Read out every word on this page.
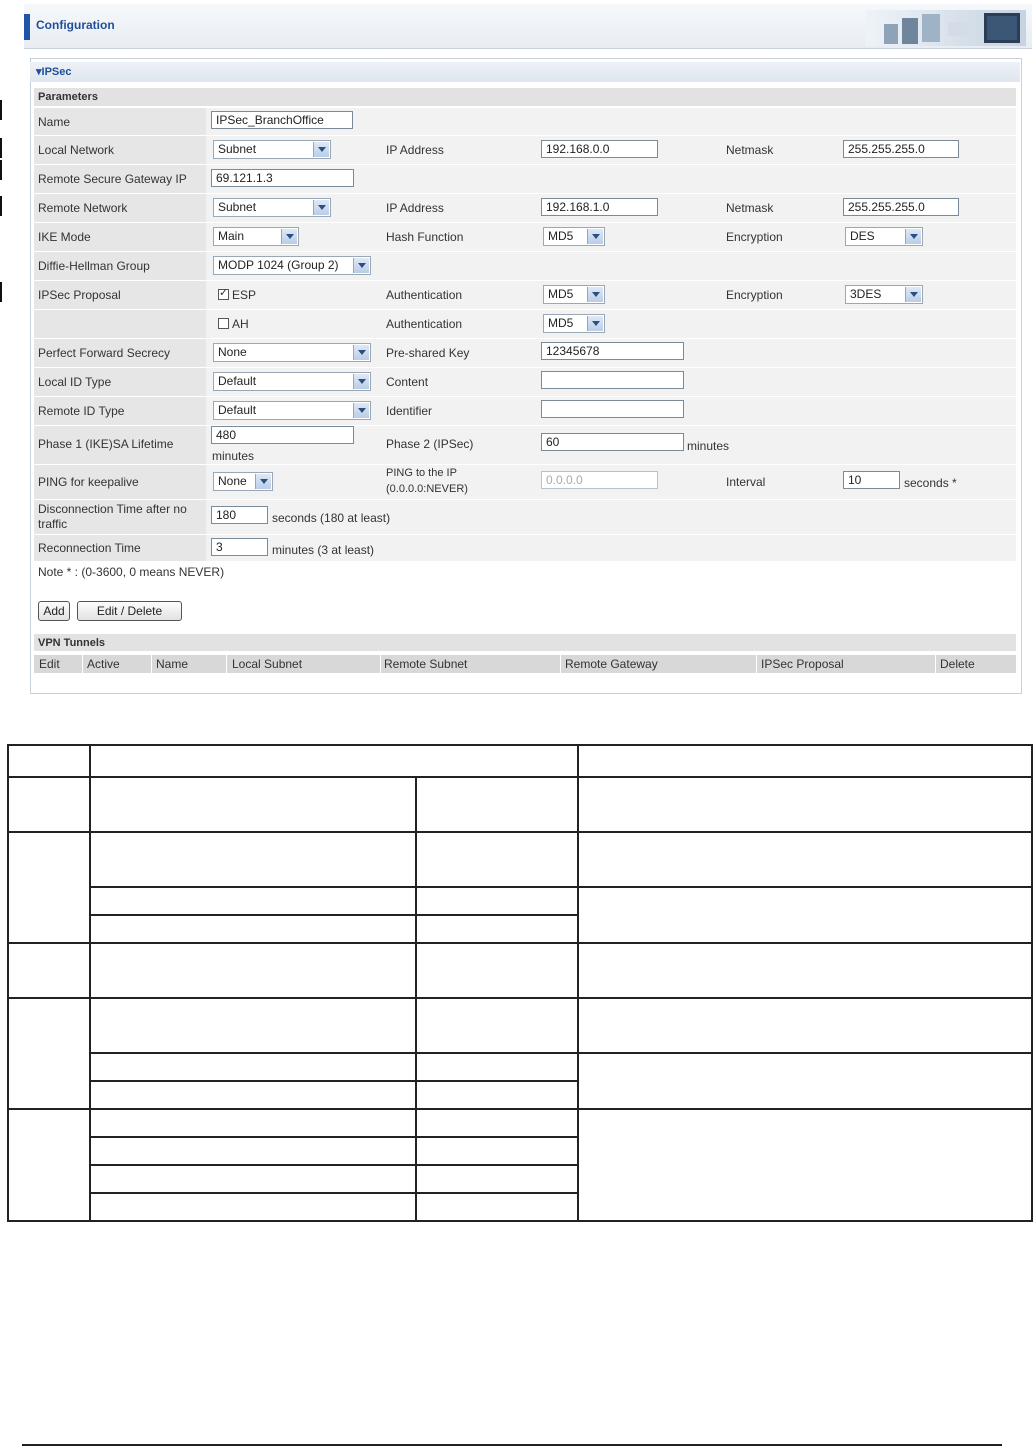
Configuration
▾IPSec
Parameters
Name	IPSec_BranchOffice
Local Network	Subnet	IP Address	192.168.0.0	Netmask	255.255.255.0
Remote Secure Gateway IP	69.121.1.3
Remote Network	Subnet	IP Address	192.168.1.0	Netmask	255.255.255.0
IKE Mode	Main	Hash Function	MD5	Encryption	DES
Diffie-Hellman Group	MODP 1024 (Group 2)
IPSec Proposal
✓	ESP	Authentication	MD5	Encryption	3DES
AH	Authentication	MD5
Perfect Forward Secrecy	None	Pre-shared Key	12345678
Local ID Type	Default	Content
Remote ID Type	Default	Identifier
Phase 1 (IKE)SA Lifetime
480
minutes
Phase 2 (IPSec)	60	minutes
PING for keepalive	None
PING to the IP
(0.0.0.0:NEVER)
0.0.0.0	Interval	10	seconds *
Disconnection Time after no
traffic
180	seconds (180 at least)
Reconnection Time	3	minutes (3 at least)
Note * : (0-3600, 0 means NEVER)
Add	Edit / Delete
VPN Tunnels
Edit Active	Name	Local Subnet	Remote Subnet	Remote Gateway	IPSec Proposal	Delete
